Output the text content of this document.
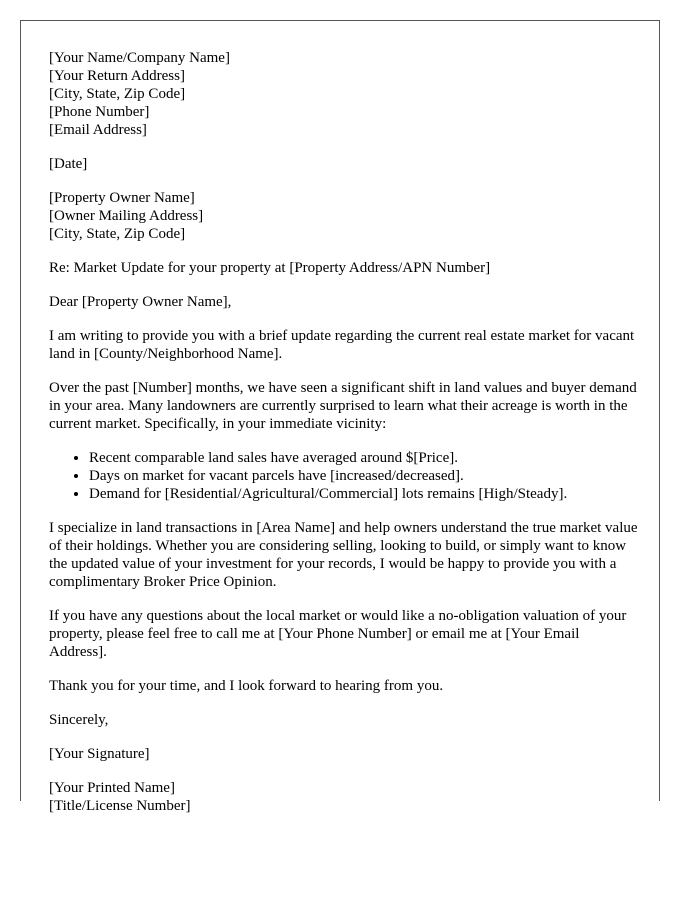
[Your Name/Company Name]
[Your Return Address]
[City, State, Zip Code]
[Phone Number]
[Email Address]
[Date]
[Property Owner Name]
[Owner Mailing Address]
[City, State, Zip Code]

Re: Market Update for your property at [Property Address/APN Number]

Dear [Property Owner Name],

I am writing to provide you with a brief update regarding the current real estate market for vacant land in [County/Neighborhood Name].

Over the past [Number] months, we have seen a significant shift in land values and buyer demand in your area. Many landowners are currently surprised to learn what their acreage is worth in the current market. Specifically, in your immediate vicinity:

• Recent comparable land sales have averaged around $[Price].
• Days on market for vacant parcels have [increased/decreased].
• Demand for [Residential/Agricultural/Commercial] lots remains [High/Steady].

I specialize in land transactions in [Area Name] and help owners understand the true market value of their holdings. Whether you are considering selling, looking to build, or simply want to know the updated value of your investment for your records, I would be happy to provide you with a complimentary Broker Price Opinion.

If you have any questions about the local market or would like a no-obligation valuation of your property, please feel free to call me at [Your Phone Number] or email me at [Your Email Address].

Thank you for your time, and I look forward to hearing from you.

Sincerely,

[Your Signature]

[Your Printed Name]
[Title/License Number]
